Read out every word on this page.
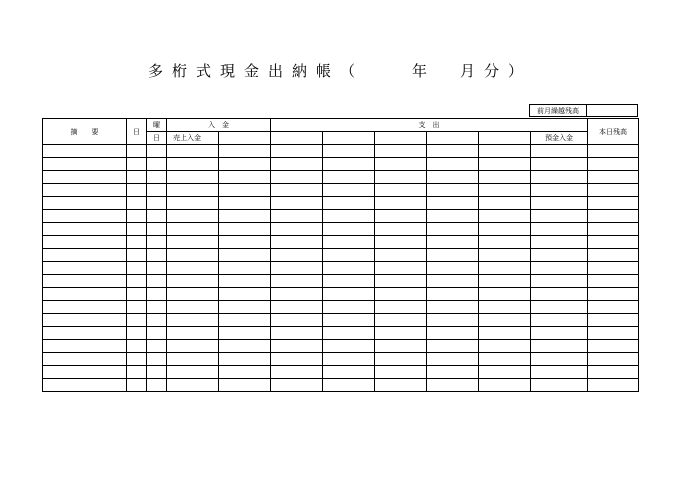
多桁式現金出納帳（　　	年　 月分）
前月繰越残高	
摘　　要	日	曜	入　金		支　出						本日残高
		日	売上入金							預金入金	
